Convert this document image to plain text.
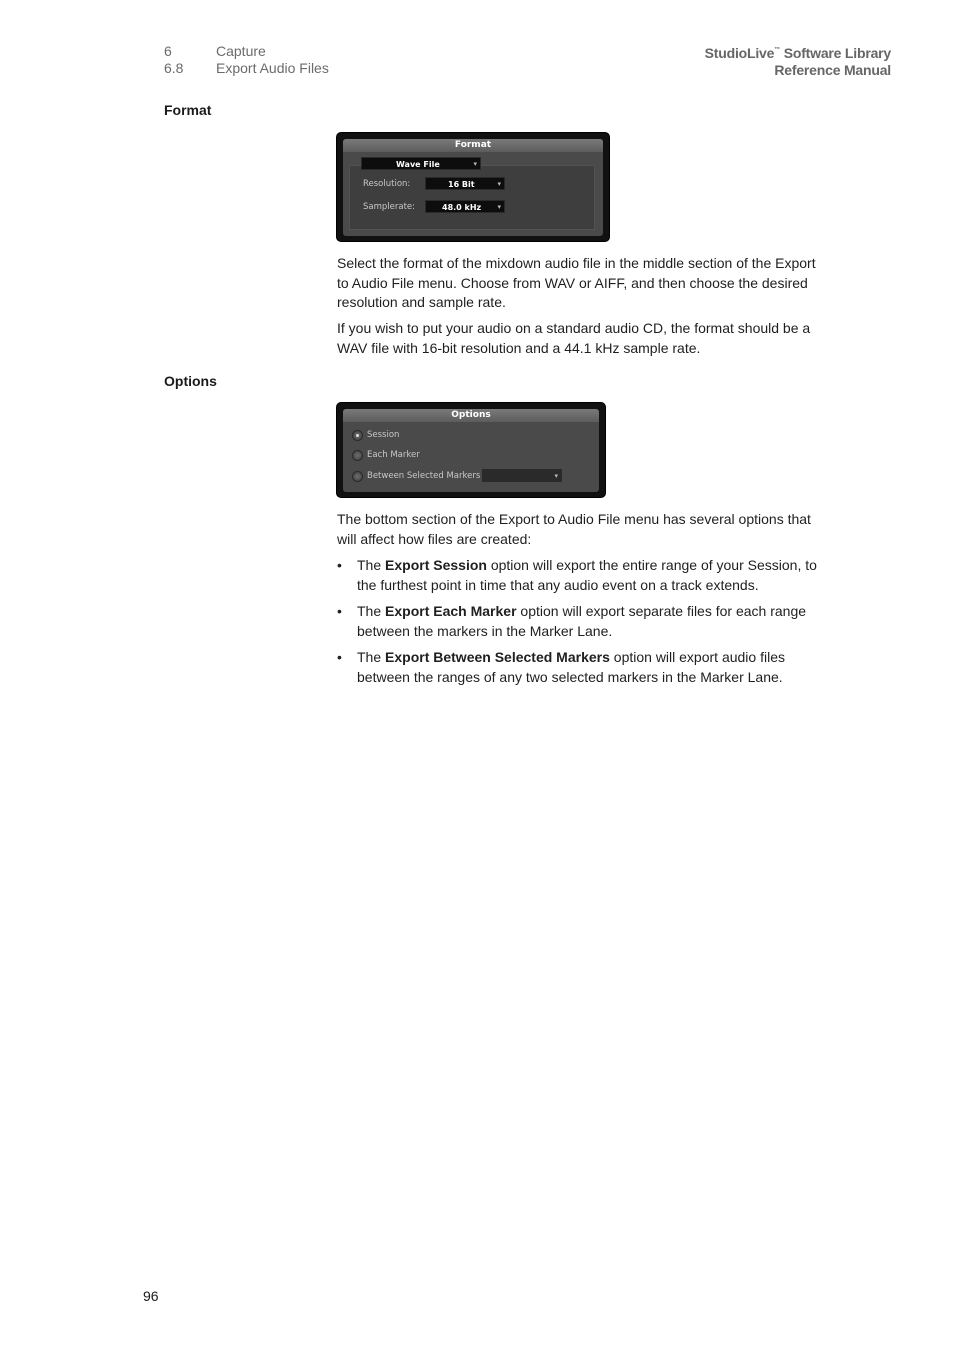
6	Capture
6.8	Export Audio Files
StudioLive™ Software Library
Reference Manual
Format
Format
Wave File	▾
Resolution:	16 Bit	▾
Samplerate:	48.0 kHz ▾

Select the format of the mixdown audio file in the middle section of the Export to Audio File menu. Choose from WAV or AIFF, and then choose the desired resolution and sample rate.

If you wish to put your audio on a standard audio CD, the format should be a WAV file with 16-bit resolution and a 44.1 kHz sample rate.

Options
Options
Session
Each Marker
Between Selected Markers	▾

The bottom section of the Export to Audio File menu has several options that will affect how files are created:

• The Export Session option will export the entire range of your Session, to the furthest point in time that any audio event on a track extends.
• The Export Each Marker option will export separate files for each range between the markers in the Marker Lane.
• The Export Between Selected Markers option will export audio files between the ranges of any two selected markers in the Marker Lane.
96
